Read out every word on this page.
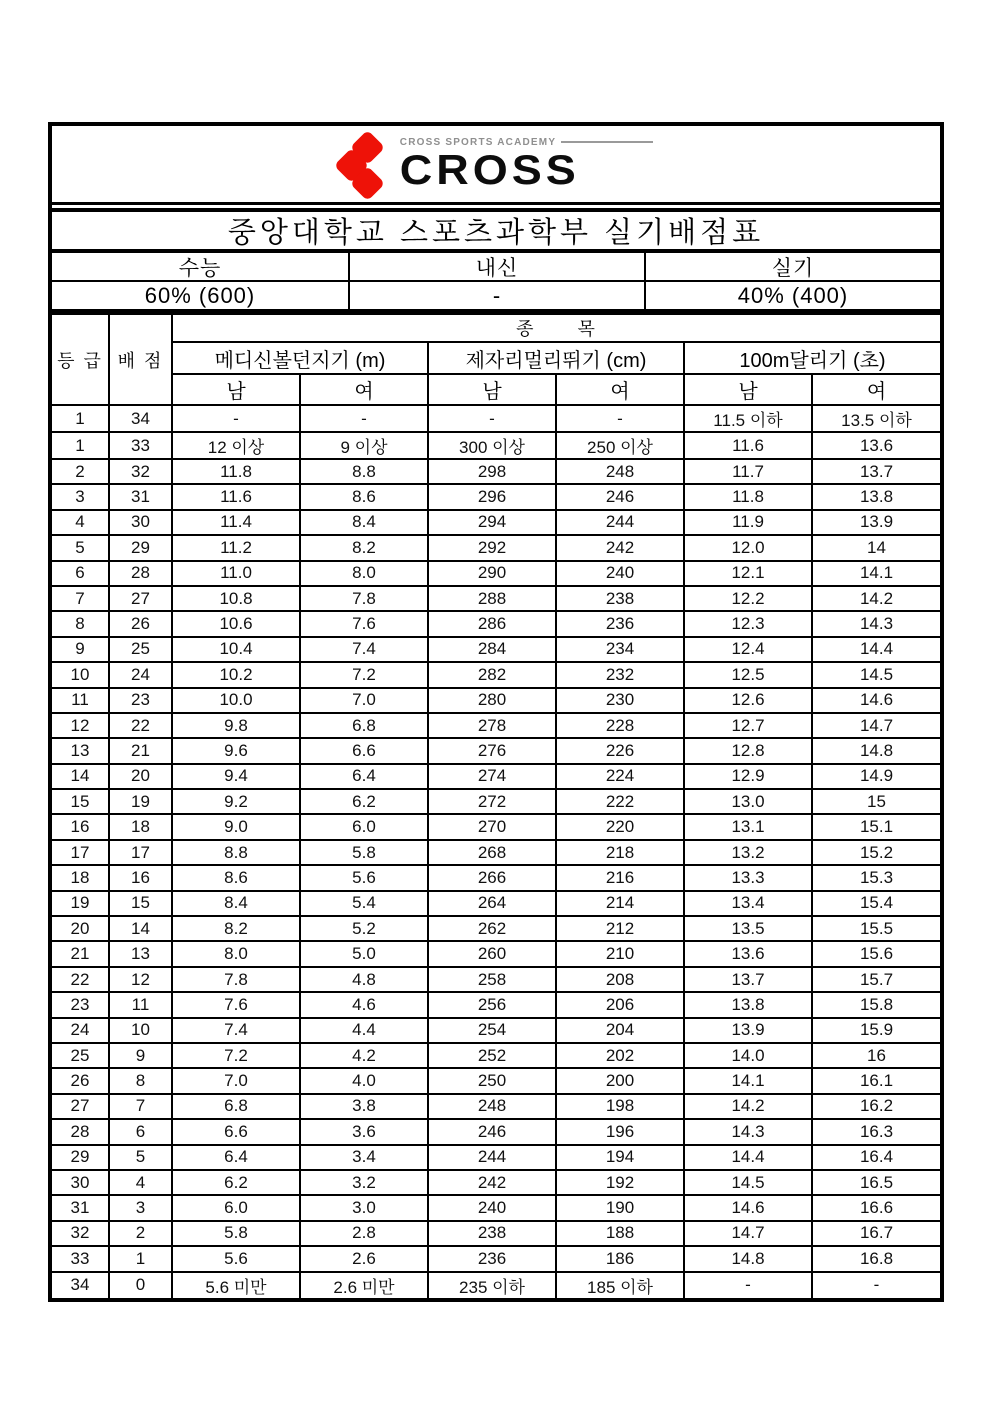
CROSS SPORTS ACADEMY
CROSS
중앙대학교 스포츠과학부 실기배점표
수능	내신	실기
60% (600)	-	40% (400)
등 급	배 점	종      목					
		메디신볼던지기 (m)		제자리멀리뛰기 (cm)		100m달리기 (초)	
		남	여	남	여	남	여
1	34	-	-	-	-	11.5 이하	13.5 이하
1	33	12 이상	9 이상	300 이상	250 이상	11.6	13.6
2	32	11.8	8.8	298	248	11.7	13.7
3	31	11.6	8.6	296	246	11.8	13.8
4	30	11.4	8.4	294	244	11.9	13.9
5	29	11.2	8.2	292	242	12.0	14
6	28	11.0	8.0	290	240	12.1	14.1
7	27	10.8	7.8	288	238	12.2	14.2
8	26	10.6	7.6	286	236	12.3	14.3
9	25	10.4	7.4	284	234	12.4	14.4
10	24	10.2	7.2	282	232	12.5	14.5
11	23	10.0	7.0	280	230	12.6	14.6
12	22	9.8	6.8	278	228	12.7	14.7
13	21	9.6	6.6	276	226	12.8	14.8
14	20	9.4	6.4	274	224	12.9	14.9
15	19	9.2	6.2	272	222	13.0	15
16	18	9.0	6.0	270	220	13.1	15.1
17	17	8.8	5.8	268	218	13.2	15.2
18	16	8.6	5.6	266	216	13.3	15.3
19	15	8.4	5.4	264	214	13.4	15.4
20	14	8.2	5.2	262	212	13.5	15.5
21	13	8.0	5.0	260	210	13.6	15.6
22	12	7.8	4.8	258	208	13.7	15.7
23	11	7.6	4.6	256	206	13.8	15.8
24	10	7.4	4.4	254	204	13.9	15.9
25	9	7.2	4.2	252	202	14.0	16
26	8	7.0	4.0	250	200	14.1	16.1
27	7	6.8	3.8	248	198	14.2	16.2
28	6	6.6	3.6	246	196	14.3	16.3
29	5	6.4	3.4	244	194	14.4	16.4
30	4	6.2	3.2	242	192	14.5	16.5
31	3	6.0	3.0	240	190	14.6	16.6
32	2	5.8	2.8	238	188	14.7	16.7
33	1	5.6	2.6	236	186	14.8	16.8
34	0	5.6 미만	2.6 미만	235 이하	185 이하	-	-
